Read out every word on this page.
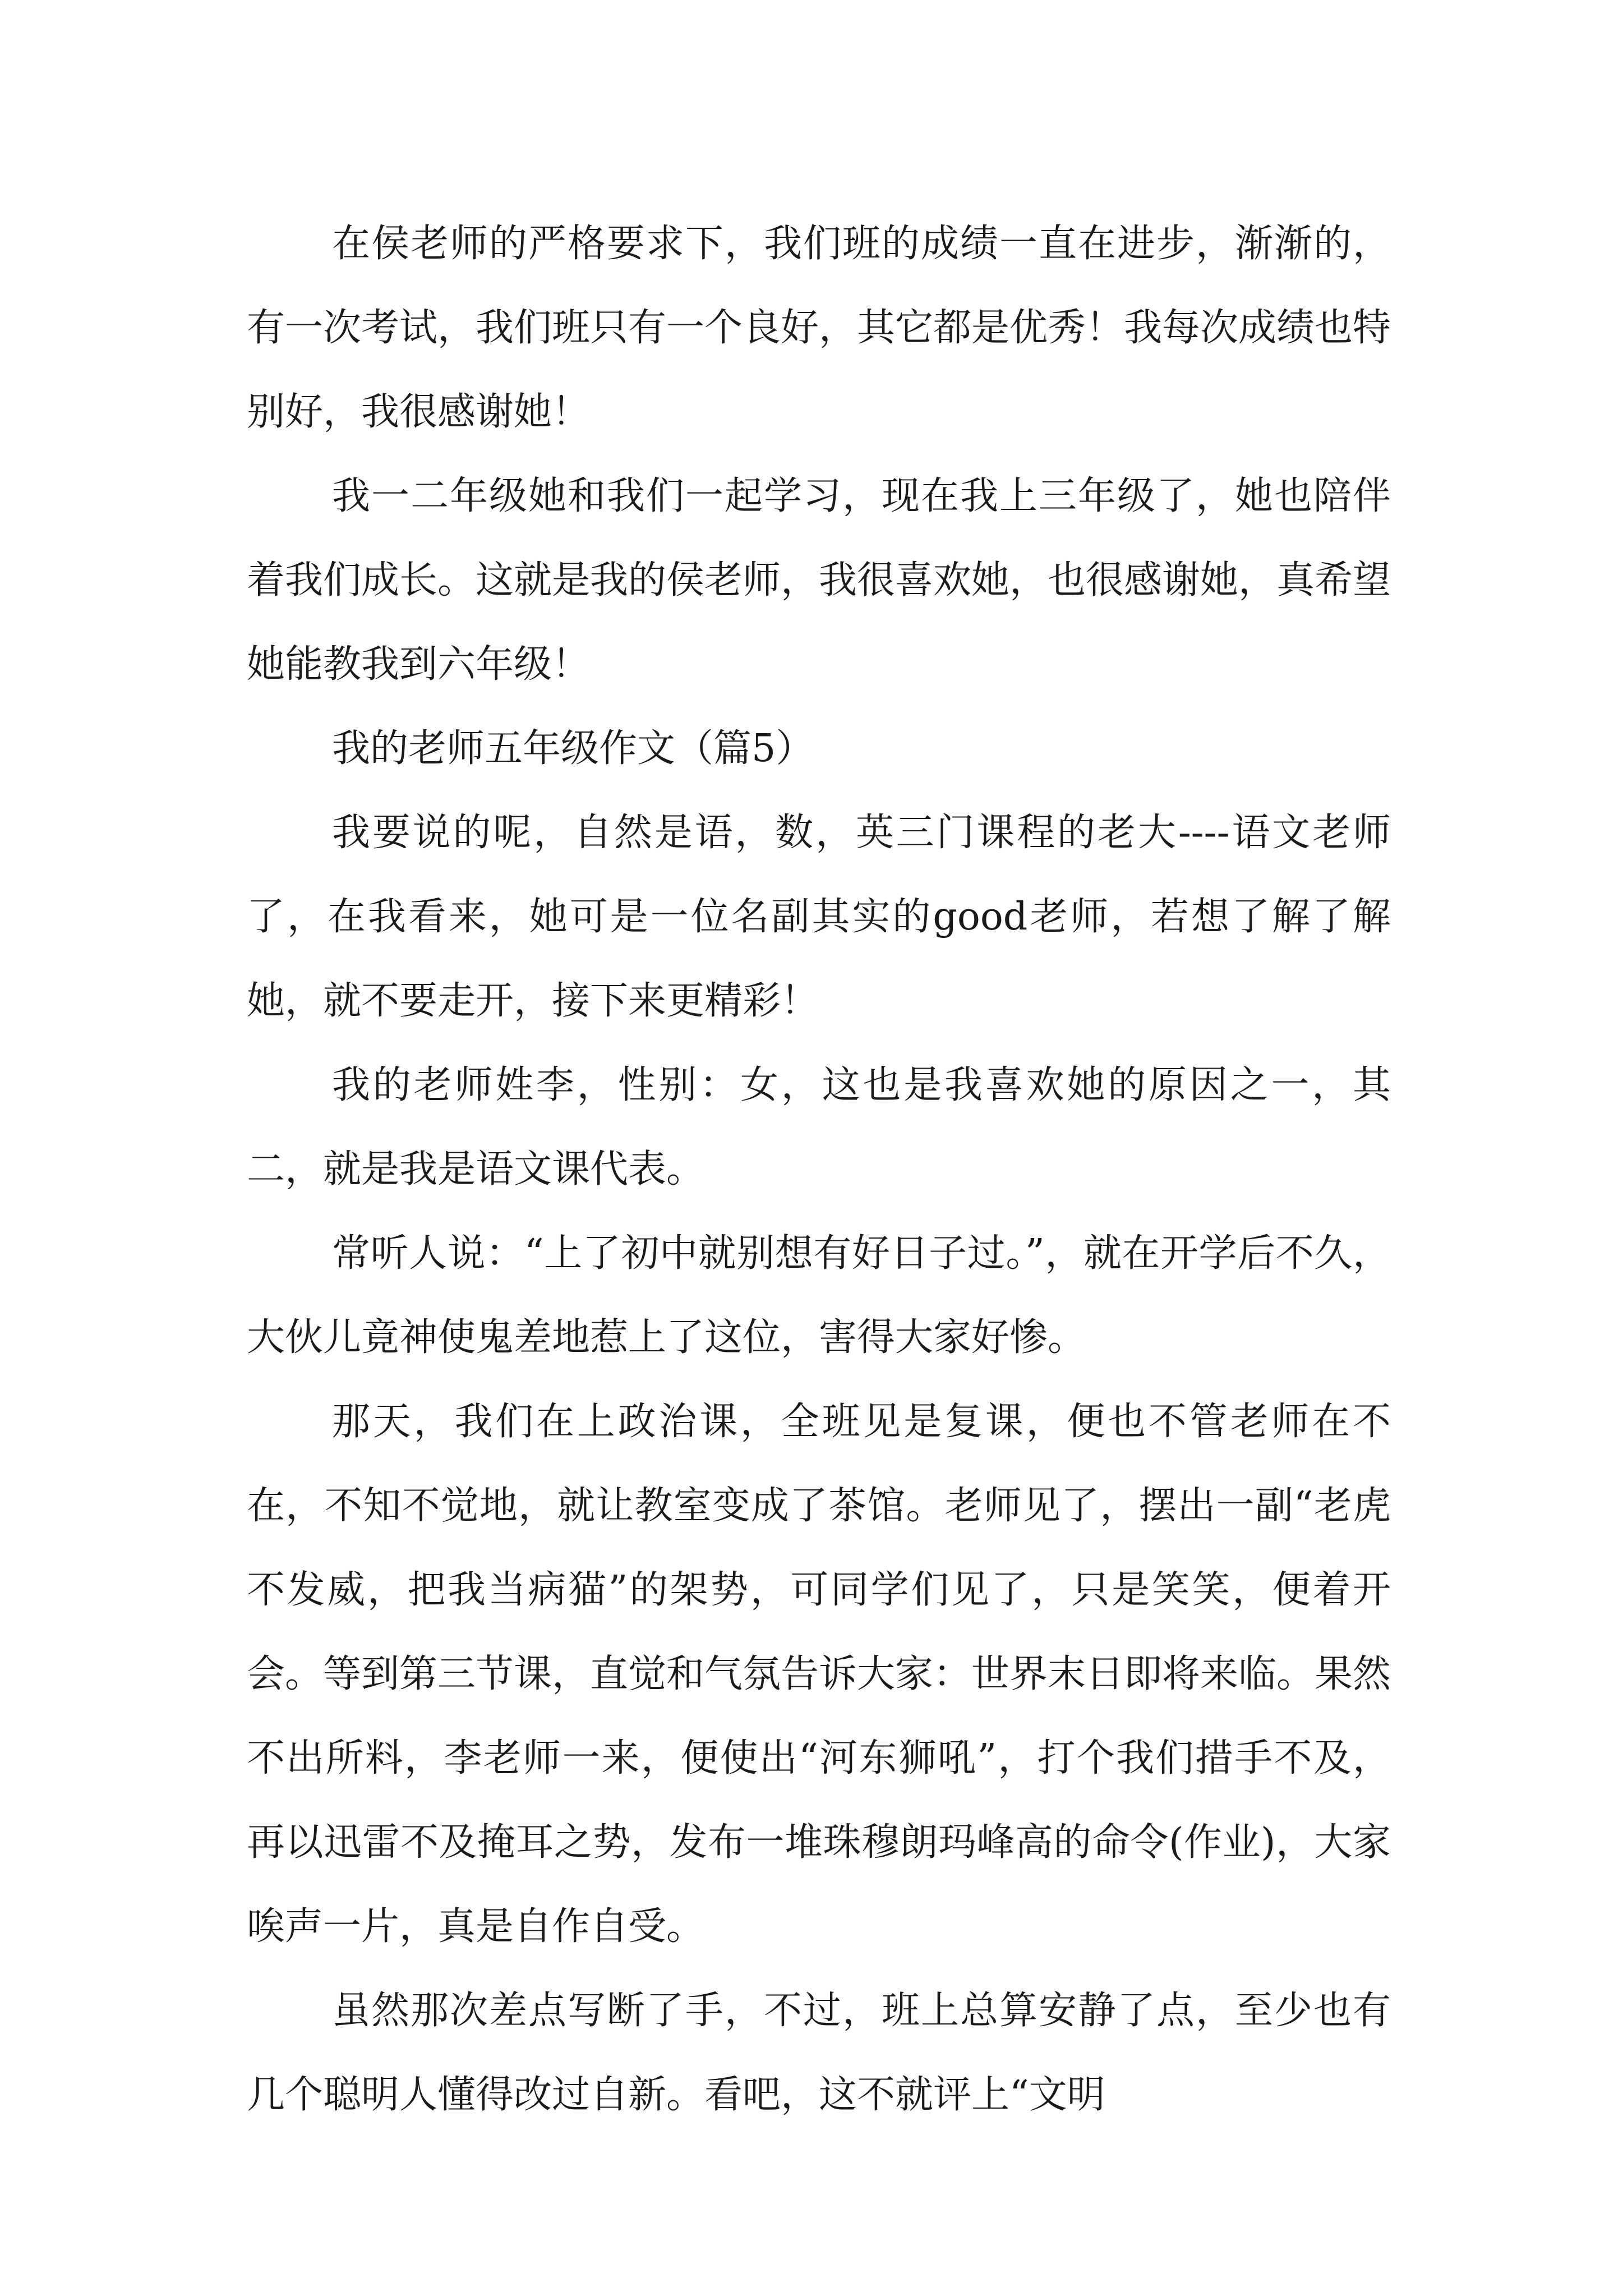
在侯老师的严格要求下，我们班的成绩一直在进步，渐渐的，有一次考试，我们班只有一个良好，其它都是优秀！我每次成绩也特别好，我很感谢她！

我一二年级她和我们一起学习，现在我上三年级了，她也陪伴着我们成长。这就是我的侯老师，我很喜欢她，也很感谢她，真希望她能教我到六年级！

我的老师五年级作文（篇5）

我要说的呢，自然是语，数，英三门课程的老大----语文老师了，在我看来，她可是一位名副其实的good老师，若想了解了解她，就不要走开，接下来更精彩！

我的老师姓李，性别：女，这也是我喜欢她的原因之一，其二，就是我是语文课代表。

常听人说：“上了初中就别想有好日子过。”，就在开学后不久，大伙儿竟神使鬼差地惹上了这位，害得大家好惨。

那天，我们在上政治课，全班见是复课，便也不管老师在不在，不知不觉地，就让教室变成了茶馆。老师见了，摆出一副“老虎不发威，把我当病猫”的架势，可同学们见了，只是笑笑，便着开会。等到第三节课，直觉和气氛告诉大家：世界末日即将来临。果然不出所料，李老师一来，便使出“河东狮吼”，打个我们措手不及，再以迅雷不及掩耳之势，发布一堆珠穆朗玛峰高的命令(作业)，大家唉声一片，真是自作自受。

虽然那次差点写断了手，不过，班上总算安静了点，至少也有几个聪明人懂得改过自新。看吧，这不就评上“文明
